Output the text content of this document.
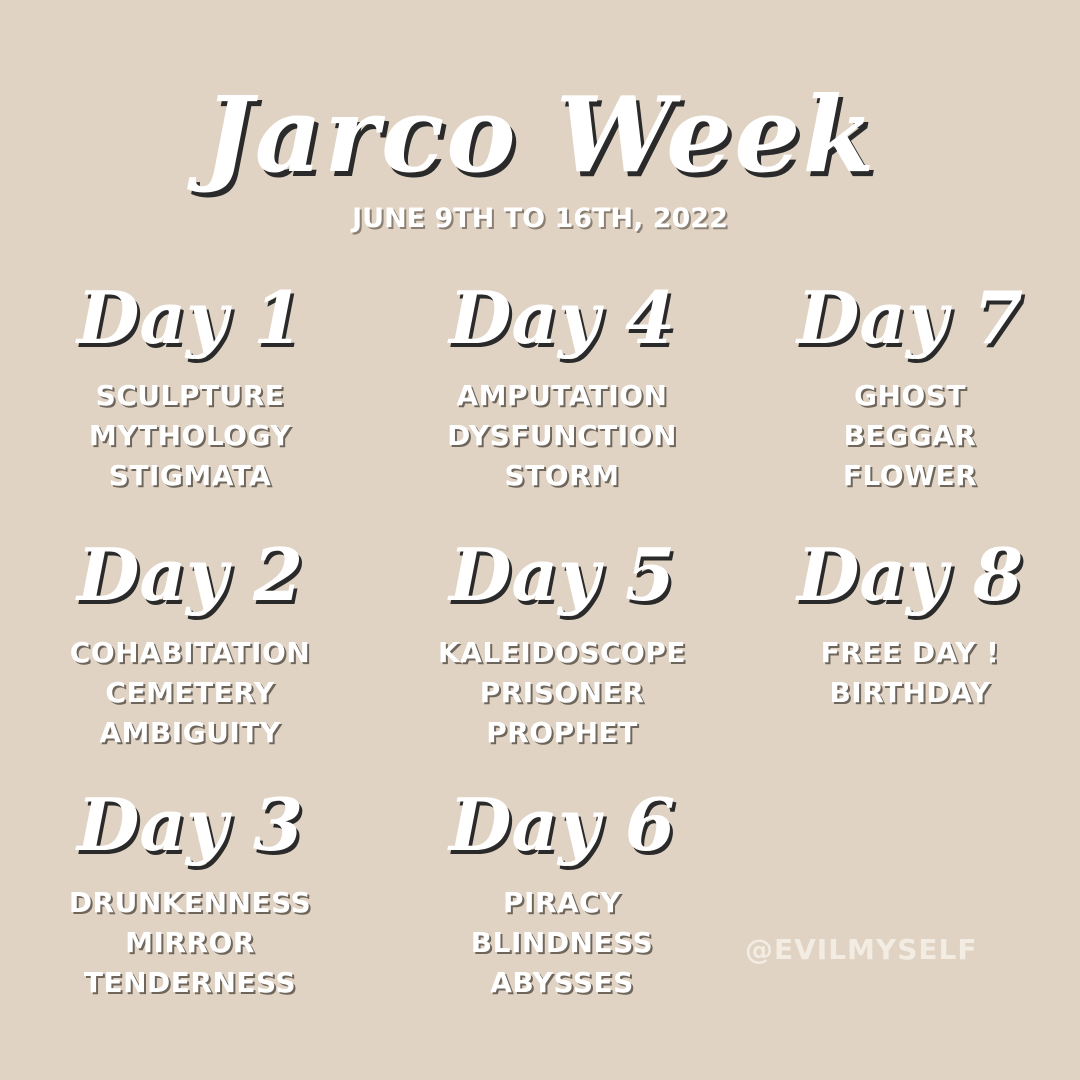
Jarco Week
JUNE 9TH TO 16TH, 2022
Day 1
SCULPTURE
MYTHOLOGY
STIGMATA
Day 2
COHABITATION
CEMETERY
AMBIGUITY
Day 3
DRUNKENNESS
MIRROR
TENDERNESS
Day 4
AMPUTATION
DYSFUNCTION
STORM
Day 5
KALEIDOSCOPE
PRISONER
PROPHET
Day 6
PIRACY
BLINDNESS
ABYSSES
Day 7
GHOST
BEGGAR
FLOWER
Day 8
FREE DAY !
BIRTHDAY
@EVILMYSELF
